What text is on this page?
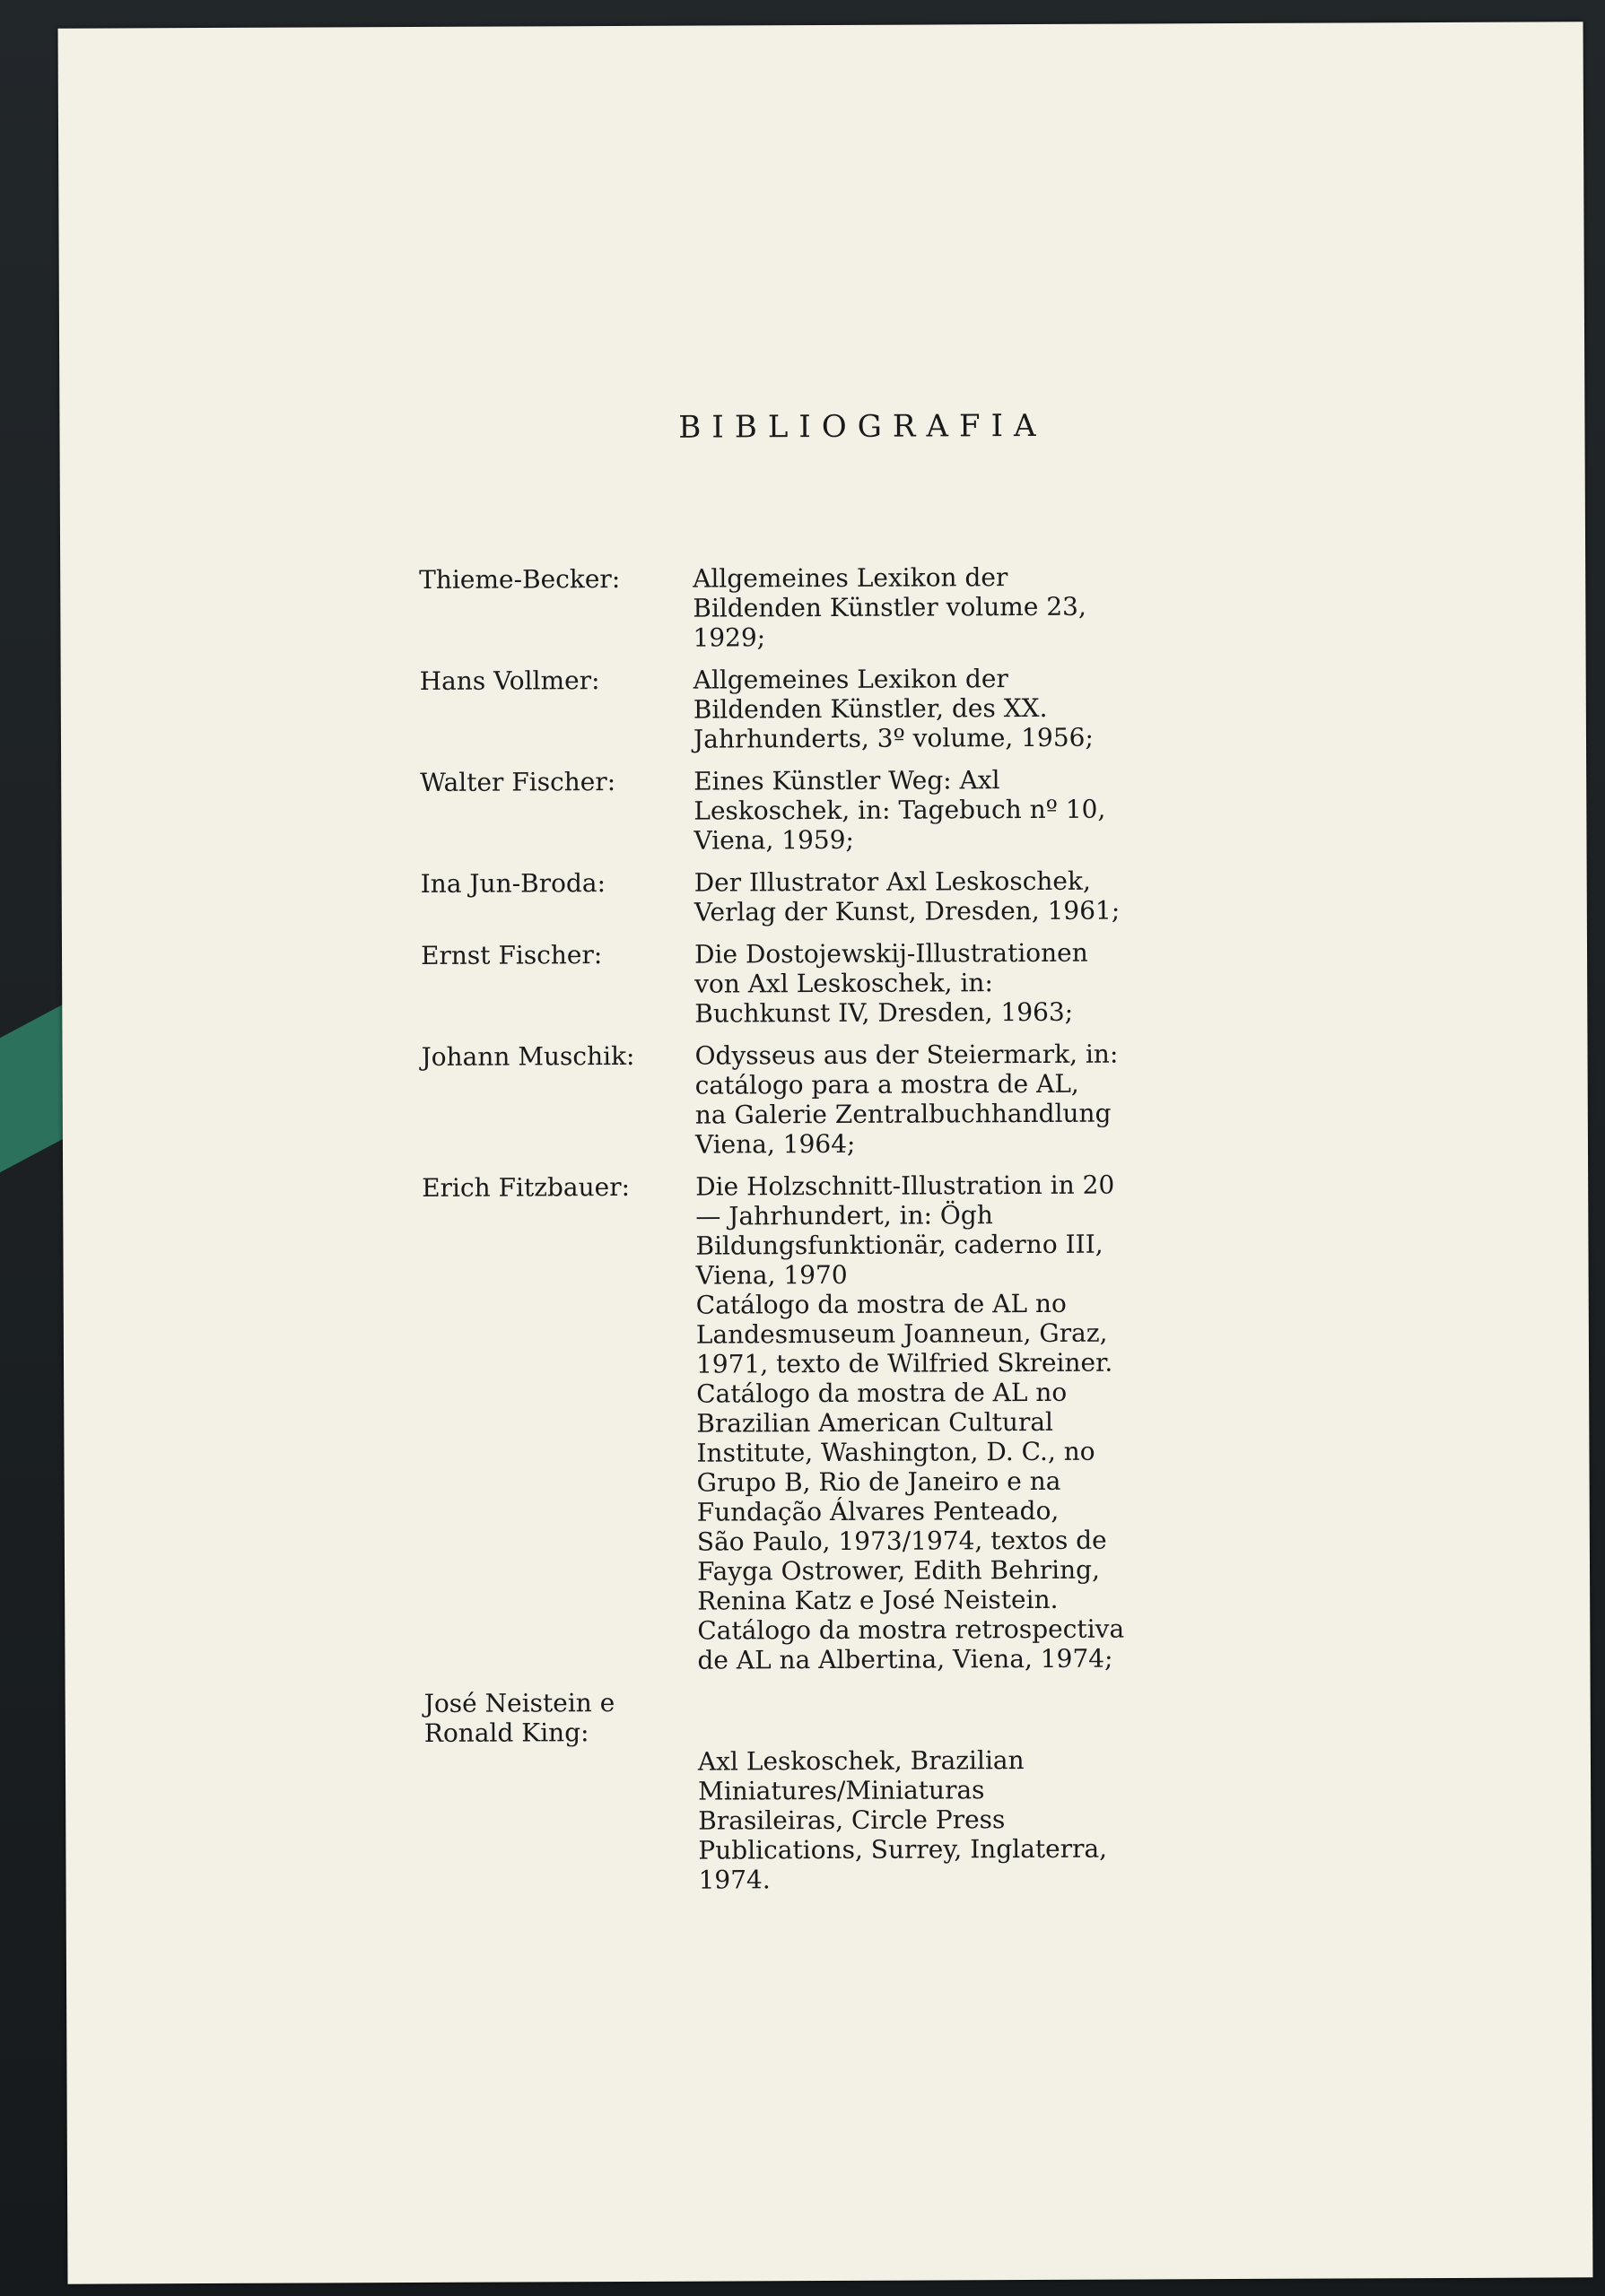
BIBLIOGRAFIA
Thieme-Becker:	Allgemeines Lexikon der
Bildenden Künstler volume 23,
1929;
Hans Vollmer:	Allgemeines Lexikon der
Bildenden Künstler, des XX.
Jahrhunderts, 3º volume, 1956;
Walter Fischer:	Eines Künstler Weg: Axl
Leskoschek, in: Tagebuch nº 10,
Viena, 1959;
Ina Jun-Broda:	Der Illustrator Axl Leskoschek,
Verlag der Kunst, Dresden, 1961;
Ernst Fischer:	Die Dostojewskij-Illustrationen
von Axl Leskoschek, in:
Buchkunst IV, Dresden, 1963;
Johann Muschik:	Odysseus aus der Steiermark, in:
catálogo para a mostra de AL,
na Galerie Zentralbuchhandlung
Viena, 1964;
Erich Fitzbauer:	Die Holzschnitt-Illustration in 20
— Jahrhundert, in: Ögh
Bildungsfunktionär, caderno III,
Viena, 1970
Catálogo da mostra de AL no
Landesmuseum Joanneun, Graz,
1971, texto de Wilfried Skreiner.
Catálogo da mostra de AL no
Brazilian American Cultural
Institute, Washington, D. C., no
Grupo B, Rio de Janeiro e na
Fundação Álvares Penteado,
São Paulo, 1973/1974, textos de
Fayga Ostrower, Edith Behring,
Renina Katz e José Neistein.
Catálogo da mostra retrospectiva
de AL na Albertina, Viena, 1974;
José Neistein e
Ronald King:
Axl Leskoschek, Brazilian
Miniatures/Miniaturas
Brasileiras, Circle Press
Publications, Surrey, Inglaterra,
1974.
